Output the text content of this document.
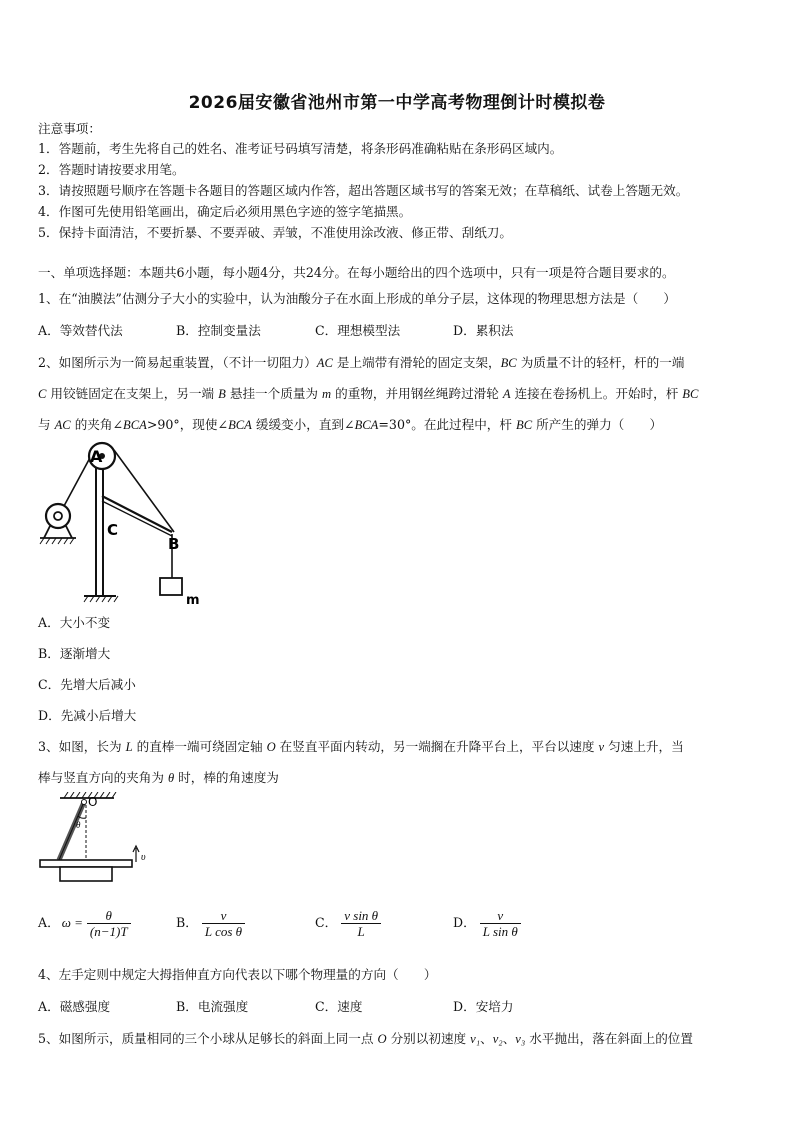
2026届安徽省池州市第一中学高考物理倒计时模拟卷
注意事项：
1．答题前，考生先将自己的姓名、准考证号码填写清楚，将条形码准确粘贴在条形码区域内。
2．答题时请按要求用笔。
3．请按照题号顺序在答题卡各题目的答题区域内作答，超出答题区域书写的答案无效；在草稿纸、试卷上答题无效。
4．作图可先使用铅笔画出，确定后必须用黑色字迹的签字笔描黑。
5．保持卡面清洁，不要折暴、不要弄破、弄皱，不准使用涂改液、修正带、刮纸刀。
一、单项选择题：本题共6小题，每小题4分，共24分。在每小题给出的四个选项中，只有一项是符合题目要求的。
1、在“油膜法”估测分子大小的实验中，认为油酸分子在水面上形成的单分子层，这体现的物理思想方法是（　　）
A．等效替代法	B．控制变量法	C．理想模型法	D．累积法
2、如图所示为一简易起重装置，（不计一切阻力）AC 是上端带有滑轮的固定支架，BC 为质量不计的轻杆，杆的一端
C 用铰链固定在支架上，另一端 B 悬挂一个质量为 m 的重物，并用钢丝绳跨过滑轮 A 连接在卷扬机上。开始时，杆 BC
与 AC 的夹角∠BCA>90°，现使∠BCA 缓缓变小，直到∠BCA=30°。在此过程中，杆 BC 所产生的弹力（　　）
A
C
B
m
A．大小不变
B．逐渐增大
C．先增大后减小
D．先减小后增大
3、如图，长为 L 的直棒一端可绕固定轴 O 在竖直平面内转动，另一端搁在升降平台上，平台以速度 v 匀速上升，当
棒与竖直方向的夹角为 θ 时，棒的角速度为
O
θ
υ
A． $\omega = \frac{\theta}{(n-1)T}$	B． $\frac{v}{\text{L cos θ}}$	C． $\frac{\text{v sin θ}}{L}$	D． $\frac{v}{\text{L sin θ}}$
4、左手定则中规定大拇指伸直方向代表以下哪个物理量的方向（　　）
A．磁感强度	B．电流强度	C．速度	D．安培力
5、如图所示，质量相同的三个小球从足够长的斜面上同一点 O 分别以初速度 v₁、v₂、v₃ 水平抛出，落在斜面上的位置
